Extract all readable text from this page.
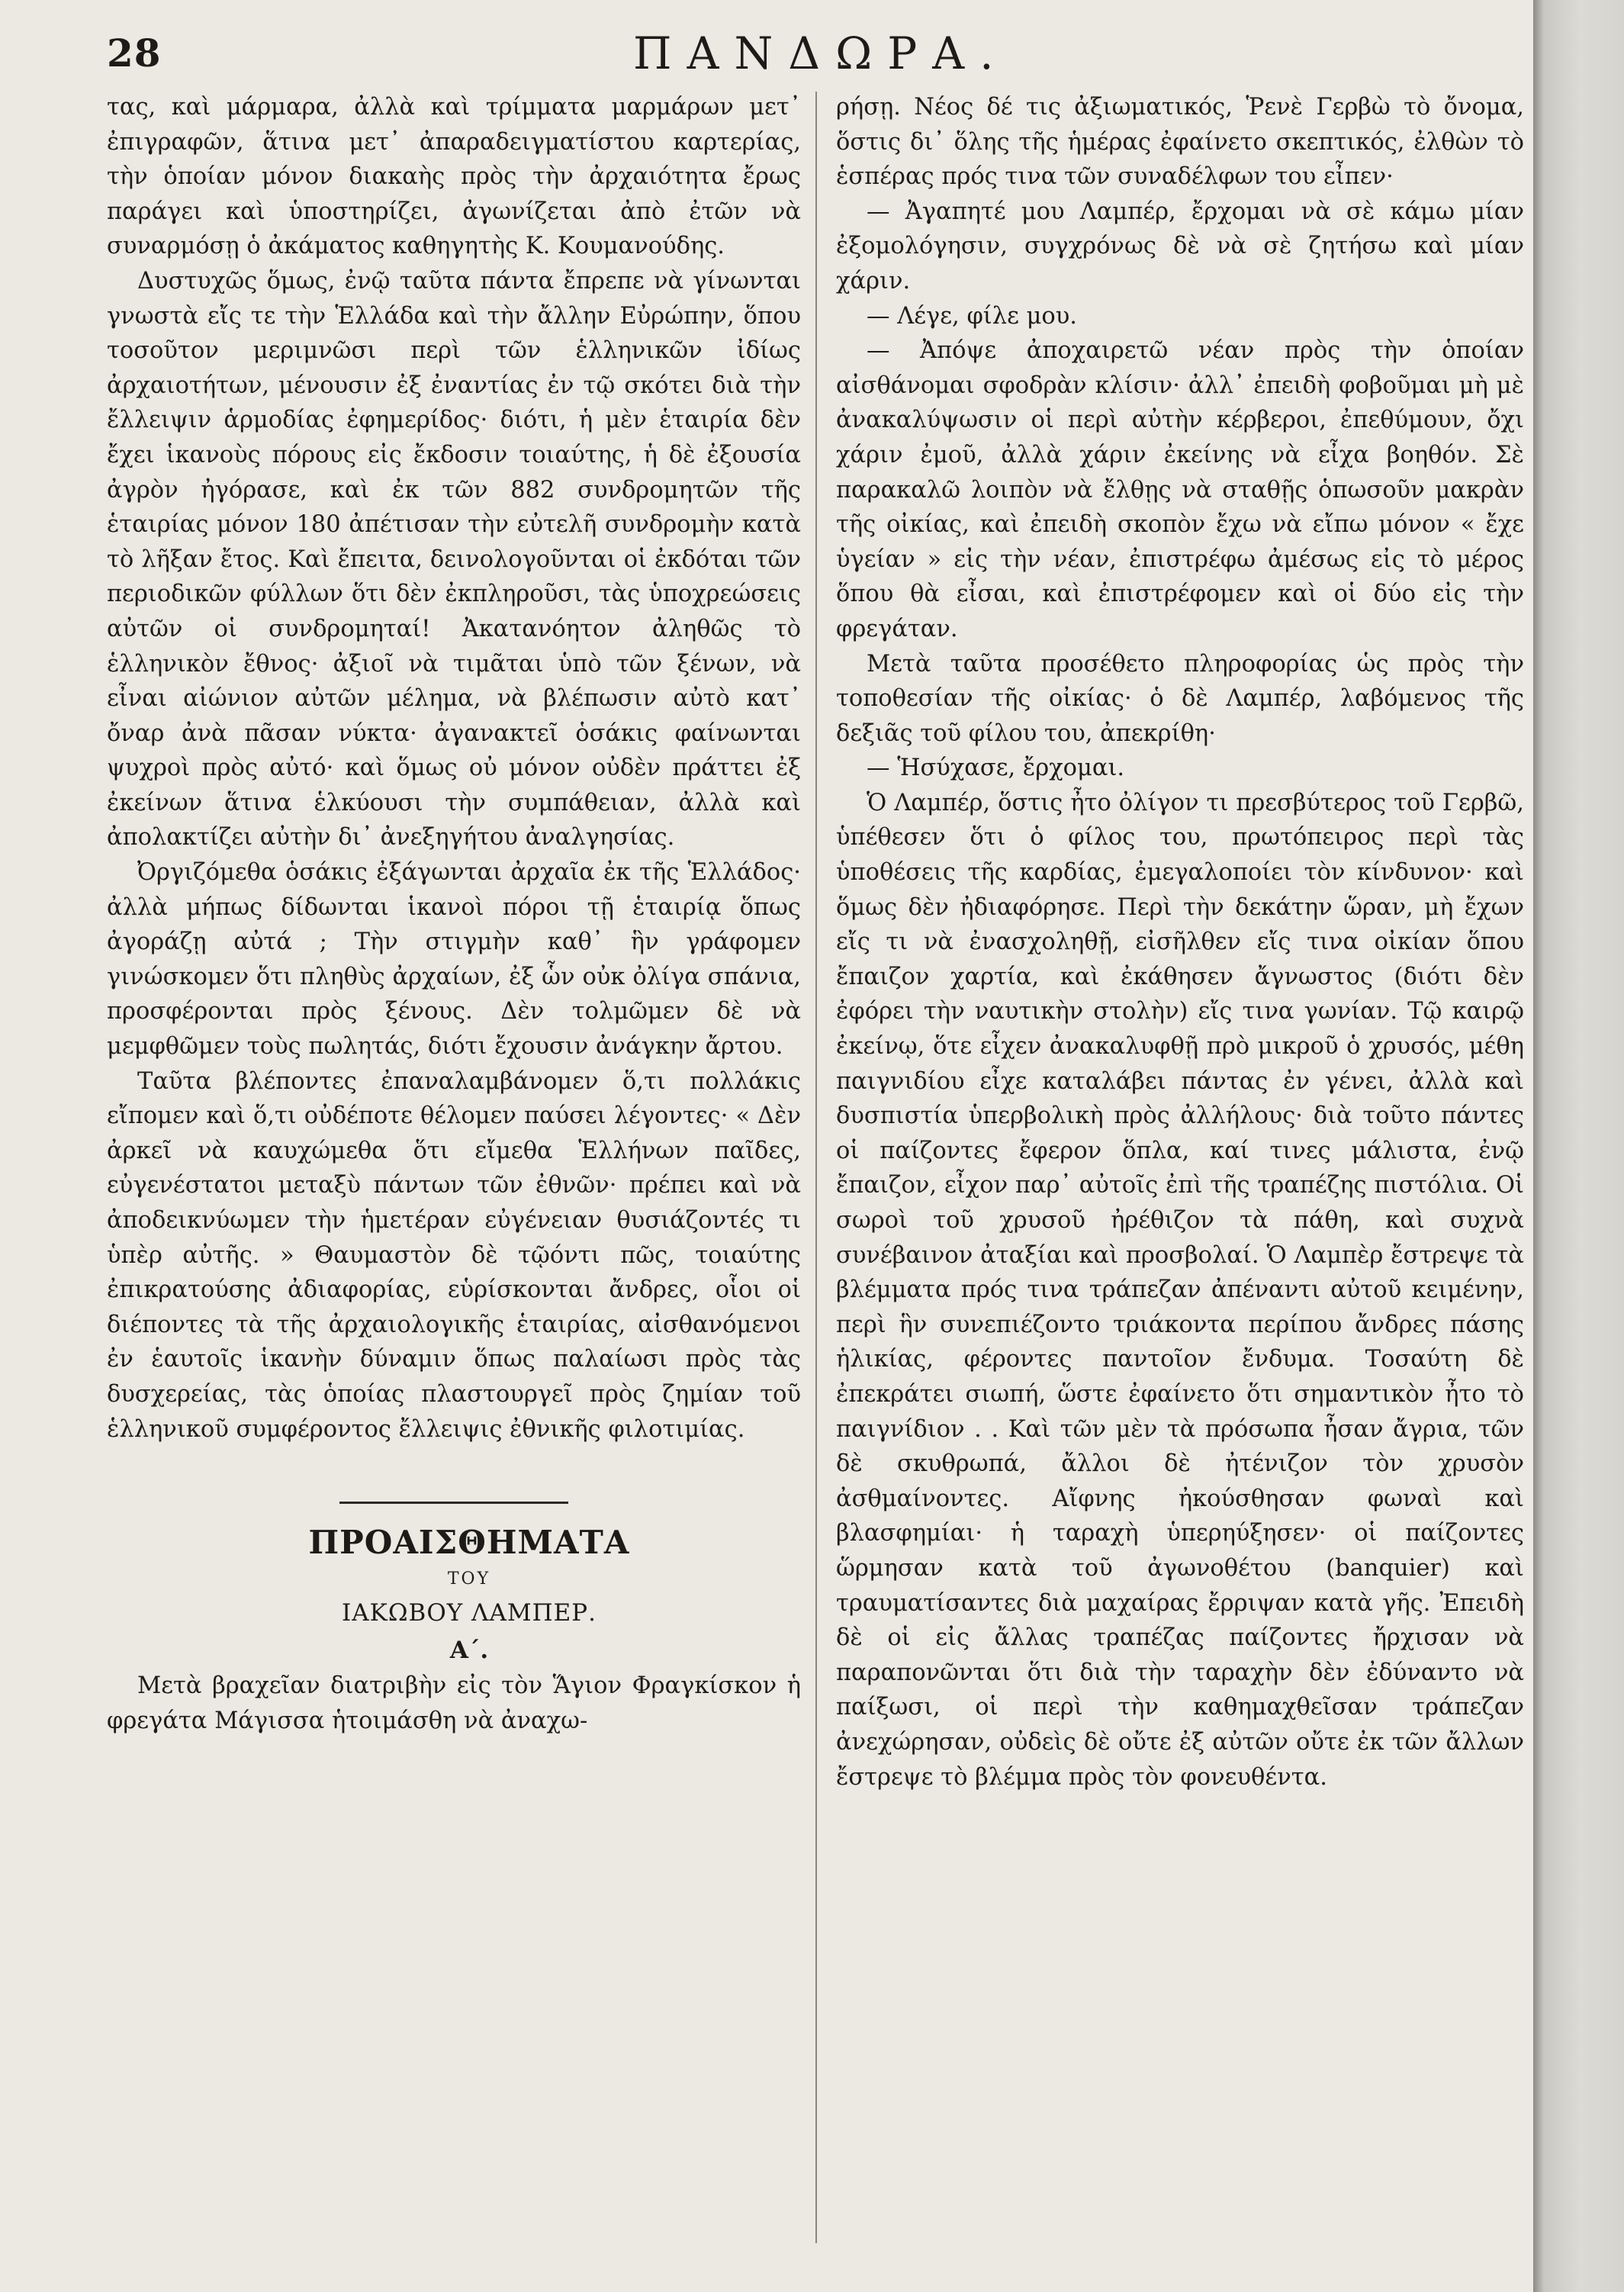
28	ΠΑΝΔΩΡΑ.

τας, καὶ μάρμαρα, ἀλλὰ καὶ τρίμματα μαρμάρων μετ᾽ ἐπιγραφῶν, ἅτινα μετ᾽ ἀπαραδειγματίστου καρτερίας, τὴν ὁποίαν μόνον διακαὴς πρὸς τὴν ἀρχαιότητα ἔρως παράγει καὶ ὑποστηρίζει, ἀγωνίζεται ἀπὸ ἐτῶν νὰ συναρμόσῃ ὁ ἀκάματος καθηγητὴς Κ. Κουμανούδης.

Δυστυχῶς ὅμως, ἐνῷ ταῦτα πάντα ἔπρεπε νὰ γίνωνται γνωστὰ εἴς τε τὴν Ἑλλάδα καὶ τὴν ἄλλην Εὐρώπην, ὅπου τοσοῦτον μεριμνῶσι περὶ τῶν ἑλληνικῶν ἰδίως ἀρχαιοτήτων, μένουσιν ἐξ ἐναντίας ἐν τῷ σκότει διὰ τὴν ἔλλειψιν ἁρμοδίας ἐφημερίδος· διότι, ἡ μὲν ἑταιρία δὲν ἔχει ἱκανοὺς πόρους εἰς ἔκδοσιν τοιαύτης, ἡ δὲ ἐξουσία ἀγρὸν ἠγόρασε, καὶ ἐκ τῶν 882 συνδρομητῶν τῆς ἑταιρίας μόνον 180 ἀπέτισαν τὴν εὐτελῆ συνδρομὴν κατὰ τὸ λῆξαν ἔτος. Καὶ ἔπειτα, δεινολογοῦνται οἱ ἐκδόται τῶν περιοδικῶν φύλλων ὅτι δὲν ἐκπληροῦσι, τὰς ὑποχρεώσεις αὐτῶν οἱ συνδρομηταί! Ἀκατανόητον ἀληθῶς τὸ ἑλληνικὸν ἔθνος· ἀξιοῖ νὰ τιμᾶται ὑπὸ τῶν ξένων, νὰ εἶναι αἰώνιον αὐτῶν μέλημα, νὰ βλέπωσιν αὐτὸ κατ᾽ ὄναρ ἀνὰ πᾶσαν νύκτα· ἀγανακτεῖ ὁσάκις φαίνωνται ψυχροὶ πρὸς αὐτό· καὶ ὅμως οὐ μόνον οὐδὲν πράττει ἐξ ἐκείνων ἅτινα ἑλκύουσι τὴν συμπάθειαν, ἀλλὰ καὶ ἀπολακτίζει αὐτὴν δι᾽ ἀνεξηγήτου ἀναλγησίας.

Ὀργιζόμεθα ὁσάκις ἐξάγωνται ἀρχαῖα ἐκ τῆς Ἑλλάδος· ἀλλὰ μήπως δίδωνται ἱκανοὶ πόροι τῇ ἑταιρίᾳ ὅπως ἀγοράζῃ αὐτά ; Τὴν στιγμὴν καθ᾽ ἣν γράφομεν γινώσκομεν ὅτι πληθὺς ἀρχαίων, ἐξ ὧν οὐκ ὀλίγα σπάνια, προσφέρονται πρὸς ξένους. Δὲν τολμῶμεν δὲ νὰ μεμφθῶμεν τοὺς πωλητάς, διότι ἔχουσιν ἀνάγκην ἄρτου.

Ταῦτα βλέποντες ἐπαναλαμβάνομεν ὅ,τι πολλάκις εἴπομεν καὶ ὅ,τι οὐδέποτε θέλομεν παύσει λέγοντες· « Δὲν ἀρκεῖ νὰ καυχώμεθα ὅτι εἴμεθα Ἑλλήνων παῖδες, εὐγενέστατοι μεταξὺ πάντων τῶν ἐθνῶν· πρέπει καὶ νὰ ἀποδεικνύωμεν τὴν ἡμετέραν εὐγένειαν θυσιάζοντές τι ὑπὲρ αὐτῆς. » Θαυμαστὸν δὲ τῷόντι πῶς, τοιαύτης ἐπικρατούσης ἀδιαφορίας, εὑρίσκονται ἄνδρες, οἷοι οἱ διέποντες τὰ τῆς ἀρχαιολογικῆς ἑταιρίας, αἰσθανόμενοι ἐν ἑαυτοῖς ἱκανὴν δύναμιν ὅπως παλαίωσι πρὸς τὰς δυσχερείας, τὰς ὁποίας πλαστουργεῖ πρὸς ζημίαν τοῦ ἑλληνικοῦ συμφέροντος ἔλλειψις ἐθνικῆς φιλοτιμίας.

ΠΡΟΑΙΣΘΗΜΑΤΑ

ΤΟΥ

ΙΑΚΩΒΟΥ ΛΑΜΠΕΡ.

Α΄.

Μετὰ βραχεῖαν διατριβὴν εἰς τὸν Ἅγιον Φραγκίσκον ἡ φρεγάτα Μάγισσα ἡτοιμάσθη νὰ ἀναχω-

ρήσῃ. Νέος δέ τις ἀξιωματικός, Ῥενὲ Γερβὼ τὸ ὄνομα, ὅστις δι᾽ ὅλης τῆς ἡμέρας ἐφαίνετο σκεπτικός, ἐλθὼν τὸ ἑσπέρας πρός τινα τῶν συναδέλφων του εἶπεν·

— Ἀγαπητέ μου Λαμπέρ, ἔρχομαι νὰ σὲ κάμω μίαν ἐξομολόγησιν, συγχρόνως δὲ νὰ σὲ ζητήσω καὶ μίαν χάριν.

— Λέγε, φίλε μου.

— Ἀπόψε ἀποχαιρετῶ νέαν πρὸς τὴν ὁποίαν αἰσθάνομαι σφοδρὰν κλίσιν· ἀλλ᾽ ἐπειδὴ φοβοῦμαι μὴ μὲ ἀνακαλύψωσιν οἱ περὶ αὐτὴν κέρβεροι, ἐπεθύμουν, ὄχι χάριν ἐμοῦ, ἀλλὰ χάριν ἐκείνης νὰ εἶχα βοηθόν. Σὲ παρακαλῶ λοιπὸν νὰ ἔλθῃς νὰ σταθῇς ὁπωσοῦν μακρὰν τῆς οἰκίας, καὶ ἐπειδὴ σκοπὸν ἔχω νὰ εἴπω μόνον « ἔχε ὑγείαν » εἰς τὴν νέαν, ἐπιστρέφω ἀμέσως εἰς τὸ μέρος ὅπου θὰ εἶσαι, καὶ ἐπιστρέφομεν καὶ οἱ δύο εἰς τὴν φρεγάταν.

Μετὰ ταῦτα προσέθετο πληροφορίας ὡς πρὸς τὴν τοποθεσίαν τῆς οἰκίας· ὁ δὲ Λαμπέρ, λαβόμενος τῆς δεξιᾶς τοῦ φίλου του, ἀπεκρίθη·

— Ἡσύχασε, ἔρχομαι.

Ὁ Λαμπέρ, ὅστις ἦτο ὀλίγον τι πρεσβύτερος τοῦ Γερβῶ, ὑπέθεσεν ὅτι ὁ φίλος του, πρωτόπειρος περὶ τὰς ὑποθέσεις τῆς καρδίας, ἐμεγαλοποίει τὸν κίνδυνον· καὶ ὅμως δὲν ἠδιαφόρησε. Περὶ τὴν δεκάτην ὥραν, μὴ ἔχων εἴς τι νὰ ἐνασχοληθῇ, εἰσῆλθεν εἴς τινα οἰκίαν ὅπου ἔπαιζον χαρτία, καὶ ἐκάθησεν ἄγνωστος (διότι δὲν ἐφόρει τὴν ναυτικὴν στολὴν) εἴς τινα γωνίαν. Τῷ καιρῷ ἐκείνῳ, ὅτε εἶχεν ἀνακαλυφθῇ πρὸ μικροῦ ὁ χρυσός, μέθη παιγνιδίου εἶχε καταλάβει πάντας ἐν γένει, ἀλλὰ καὶ δυσπιστία ὑπερβολικὴ πρὸς ἀλλήλους· διὰ τοῦτο πάντες οἱ παίζοντες ἔφερον ὅπλα, καί τινες μάλιστα, ἐνῷ ἔπαιζον, εἶχον παρ᾽ αὐτοῖς ἐπὶ τῆς τραπέζης πιστόλια. Οἱ σωροὶ τοῦ χρυσοῦ ἠρέθιζον τὰ πάθη, καὶ συχνὰ συνέβαινον ἀταξίαι καὶ προσβολαί. Ὁ Λαμπὲρ ἔστρεψε τὰ βλέμματα πρός τινα τράπεζαν ἀπέναντι αὐτοῦ κειμένην, περὶ ἣν συνεπιέζοντο τριάκοντα περίπου ἄνδρες πάσης ἡλικίας, φέροντες παντοῖον ἔνδυμα. Τοσαύτη δὲ ἐπεκράτει σιωπή, ὥστε ἐφαίνετο ὅτι σημαντικὸν ἦτο τὸ παιγνίδιον . . Καὶ τῶν μὲν τὰ πρόσωπα ἦσαν ἄγρια, τῶν δὲ σκυθρωπά, ἄλλοι δὲ ἠτένιζον τὸν χρυσὸν ἀσθμαίνοντες. Αἴφνης ἠκούσθησαν φωναὶ καὶ βλασφημίαι· ἡ ταραχὴ ὑπερηύξησεν· οἱ παίζοντες ὥρμησαν κατὰ τοῦ ἀγωνοθέτου (banquier) καὶ τραυματίσαντες διὰ μαχαίρας ἔρριψαν κατὰ γῆς. Ἐπειδὴ δὲ οἱ εἰς ἄλλας τραπέζας παίζοντες ἤρχισαν νὰ παραπονῶνται ὅτι διὰ τὴν ταραχὴν δὲν ἐδύναντο νὰ παίξωσι, οἱ περὶ τὴν καθημαχθεῖσαν τράπεζαν ἀνεχώρησαν, οὐδεὶς δὲ οὔτε ἐξ αὐτῶν οὔτε ἐκ τῶν ἄλλων ἔστρεψε τὸ βλέμμα πρὸς τὸν φονευθέντα.
